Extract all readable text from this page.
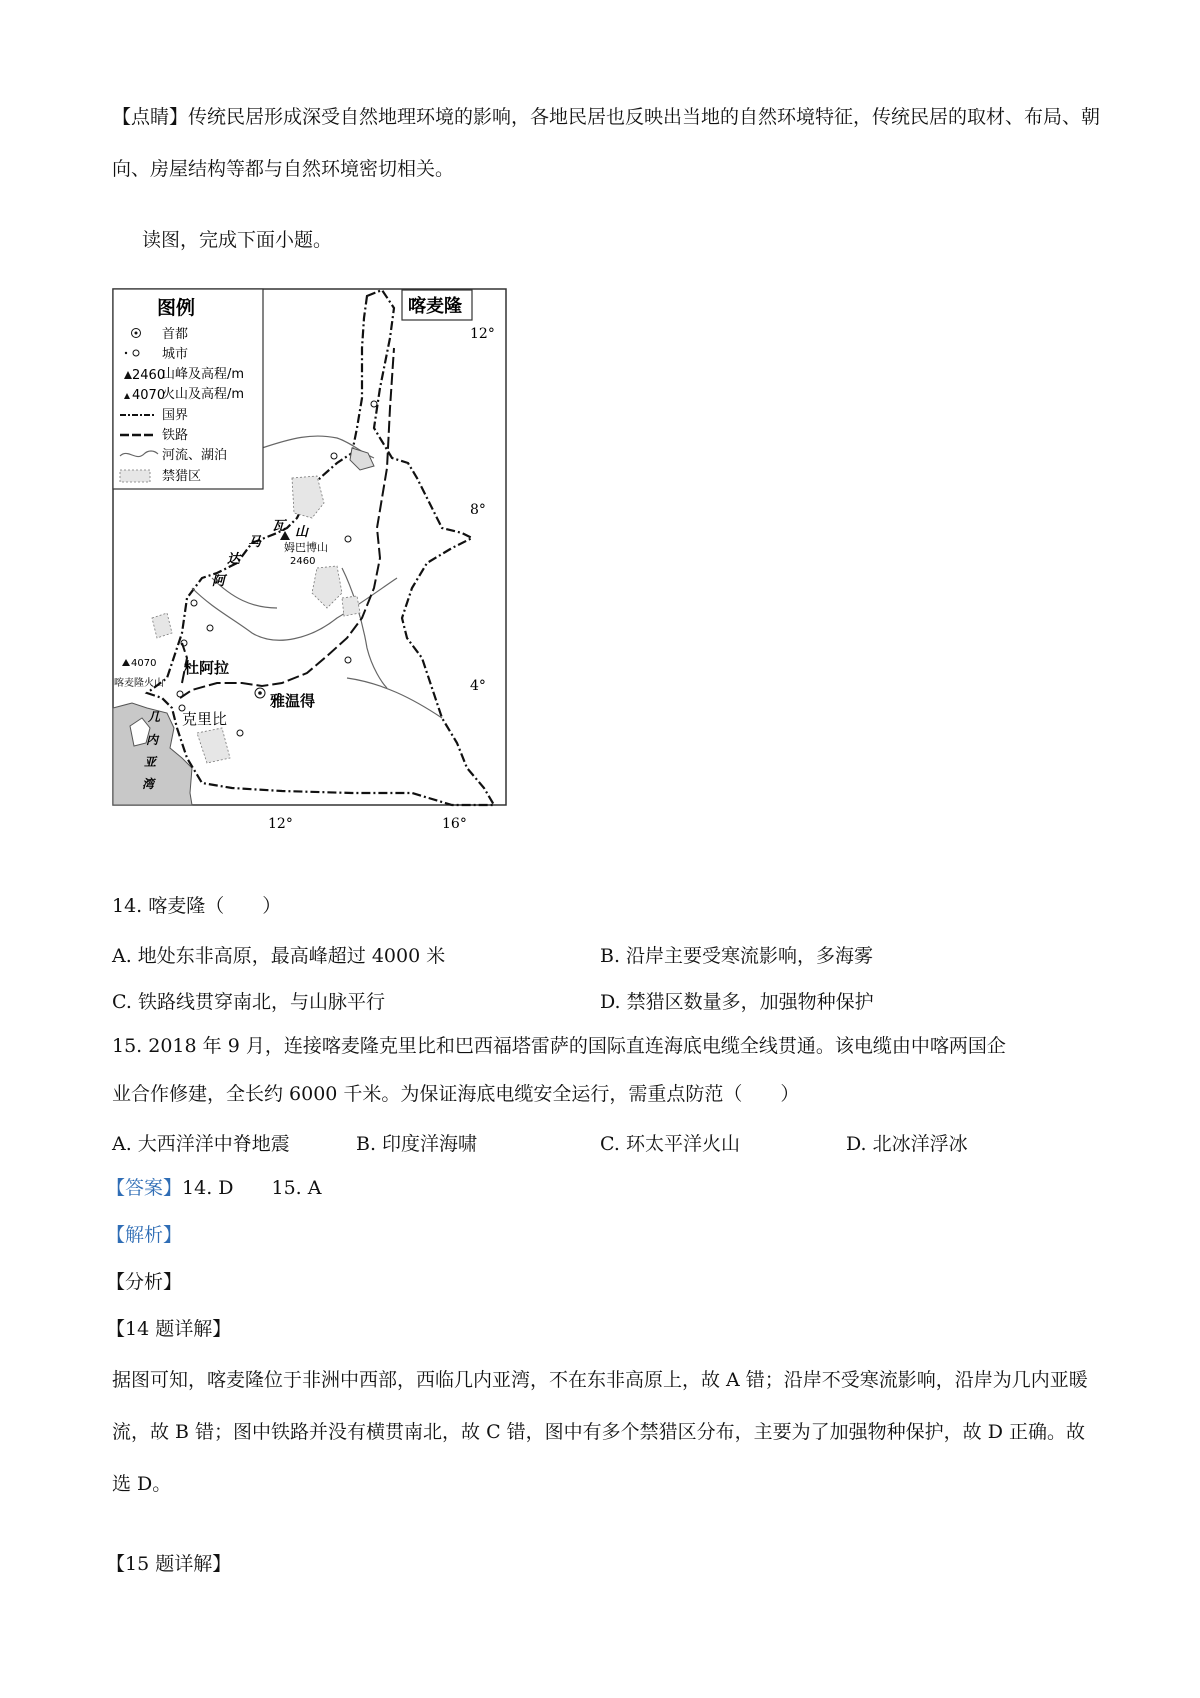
【点睛】传统民居形成深受自然地理环境的影响，各地民居也反映出当地的自然环境特征，传统民居的取材、布局、朝向、房屋结构等都与自然环境密切相关。
读图，完成下面小题。
12°
8°
4°
12°	16°
喀麦隆
图例
2460
4070
首都
城市
山峰及高程/m
火山及高程/m
国界
铁路
河流、湖泊
禁猎区
姆巴博山
2460
山
瓦
马
达
阿
4070 杜阿拉
喀麦隆火山
雅温得
克里比
几
内
亚
湾
14. 喀麦隆（　　）
A. 地处东非高原，最高峰超过 4000 米	B. 沿岸主要受寒流影响，多海雾
C. 铁路线贯穿南北，与山脉平行	D. 禁猎区数量多，加强物种保护
15. 2018 年 9 月，连接喀麦隆克里比和巴西福塔雷萨的国际直连海底电缆全线贯通。该电缆由中喀两国企
业合作修建，全长约 6000 千米。为保证海底电缆安全运行，需重点防范（　　）
A. 大西洋洋中脊地震	B. 印度洋海啸	C. 环太平洋火山	D. 北冰洋浮冰
【答案】14. D　　15. A
【解析】
【分析】
【14 题详解】
据图可知，喀麦隆位于非洲中西部，西临几内亚湾，不在东非高原上，故 A 错；沿岸不受寒流影响，沿岸为几内亚暖流，故 B 错；图中铁路并没有横贯南北，故 C 错，图中有多个禁猎区分布，主要为了加强物种保护，故 D 正确。故选 D。
【15 题详解】
